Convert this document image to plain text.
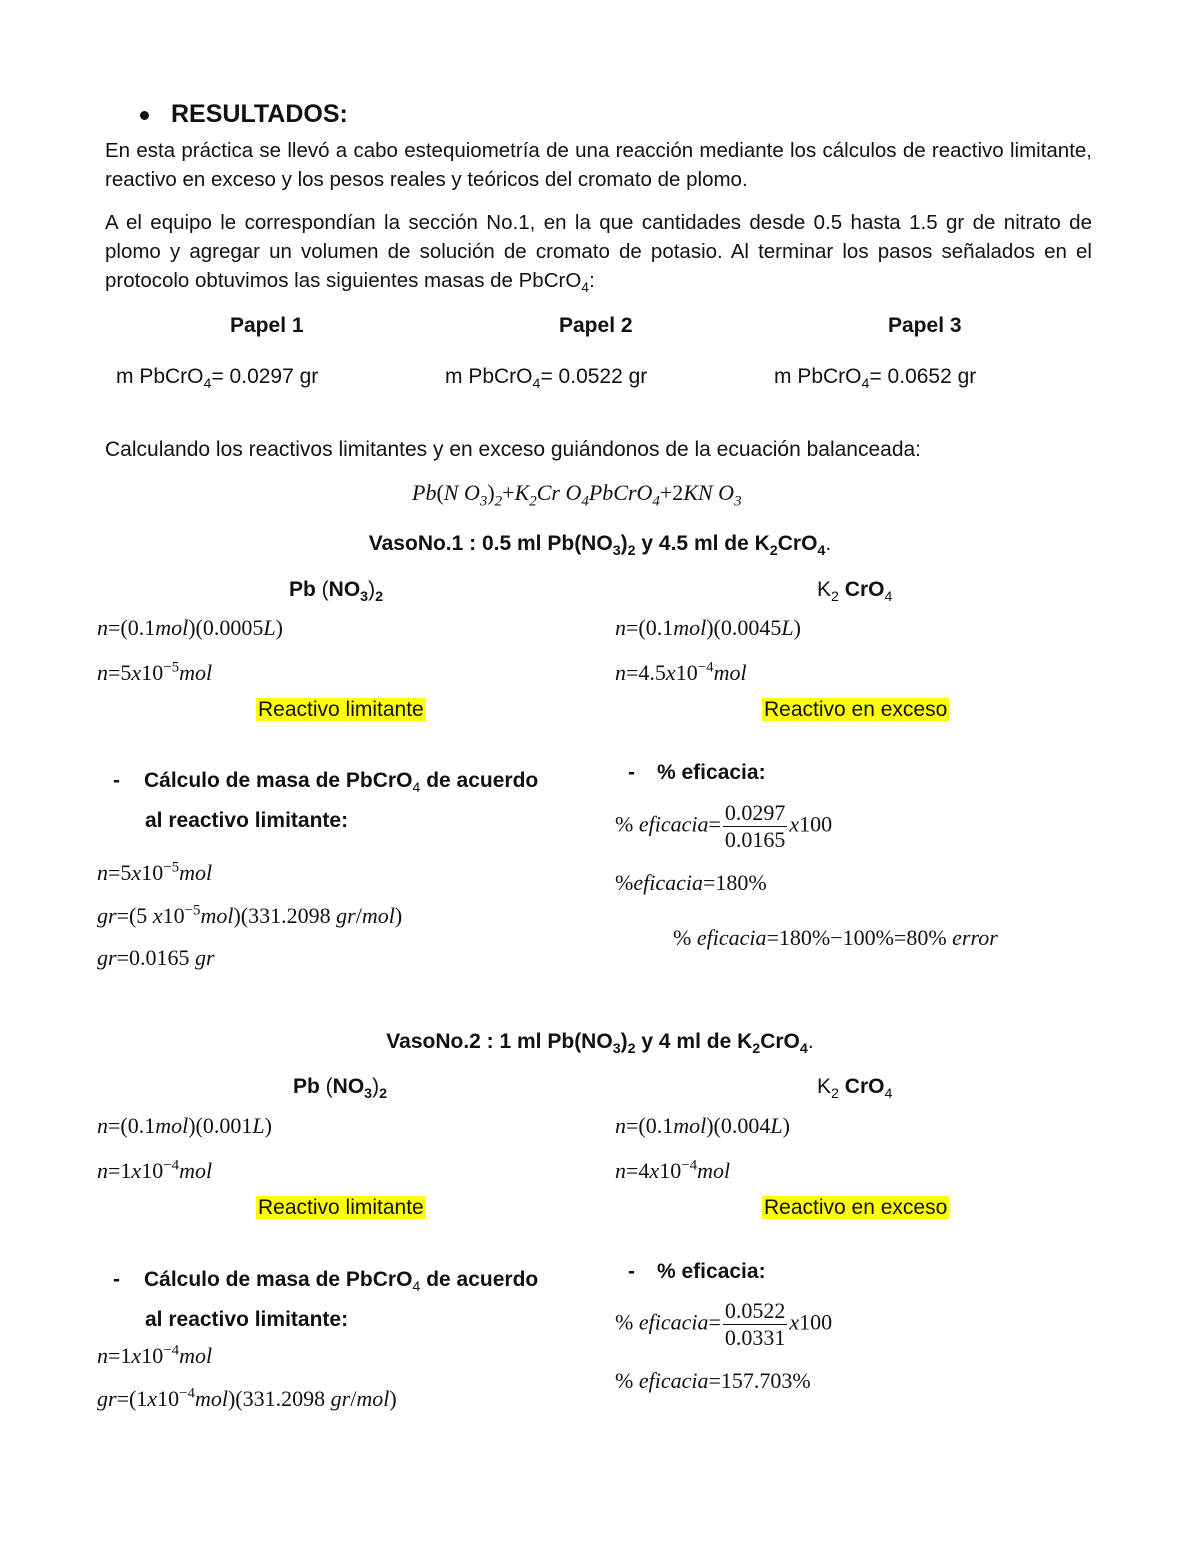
RESULTADOS:
En esta práctica se llevó a cabo estequiometría de una reacción mediante los cálculos de reactivo limitante, reactivo en exceso y los pesos reales y teóricos del cromato de plomo.
A el equipo le correspondían la sección No.1, en la que cantidades desde 0.5 hasta 1.5 gr de nitrato de plomo y agregar un volumen de solución de cromato de potasio. Al terminar los pasos señalados en el protocolo obtuvimos las siguientes masas de PbCrO$_4$:
Papel 1	Papel 2	Papel 3
m PbCrO$_4$= 0.0297 gr	m PbCrO$_4$= 0.0522 gr	m PbCrO$_4$= 0.0652 gr
Calculando los reactivos limitantes y en exceso guiándonos de la ecuación balanceada:
Pb(N $O_3)_2+K_2Cr$ $O_4PbCrO_4+2KN$ $O_3$
VasoNo.1 : 0.5 ml $Pb(NO_3)_2$ y 4.5 ml de $K_2CrO_4$.
Pb $(NO_3)_2$	$K_2$ CrO$_4$
n=(0.1mol)(0.0005L)
$n=5x10^{-5}mol$
n=(0.1mol)(0.0045L)
$n=4.5x10^{-4}mol$
Reactivo limitante	Reactivo en exceso
- Cálculo de masa de PbCrO$_4$ de acuerdo
al reactivo limitante:
- % eficacia:
% eficacia= $\frac{0.0297}{0.0165} x100$
%eficacia=180%
% eficacia=180%−100%=80% error
$n=5x10^{-5}mol$
gr=(5 $x10^{-5}mol)(331.2098$ gr/mol)
gr=0.0165 gr
VasoNo.2 : 1 ml $Pb(NO_3)_2$ y 4 ml de $K_2CrO_4$.
Pb $(NO_3)_2$	$K_2$ CrO$_4$
n=(0.1mol)(0.001L)
$n=1x10^{-4}mol$
n=(0.1mol)(0.004L)
$n=4x10^{-4}mol$
Reactivo limitante	Reactivo en exceso
- Cálculo de masa de PbCrO$_4$ de acuerdo
al reactivo limitante:
- % eficacia:
% eficacia= $\frac{0.0522}{0.0331} x100$
% eficacia=157.703%
$n=1x10^{-4}mol$
$gr=(1x10^{-4}mol)(331.2098$ gr/mol)
